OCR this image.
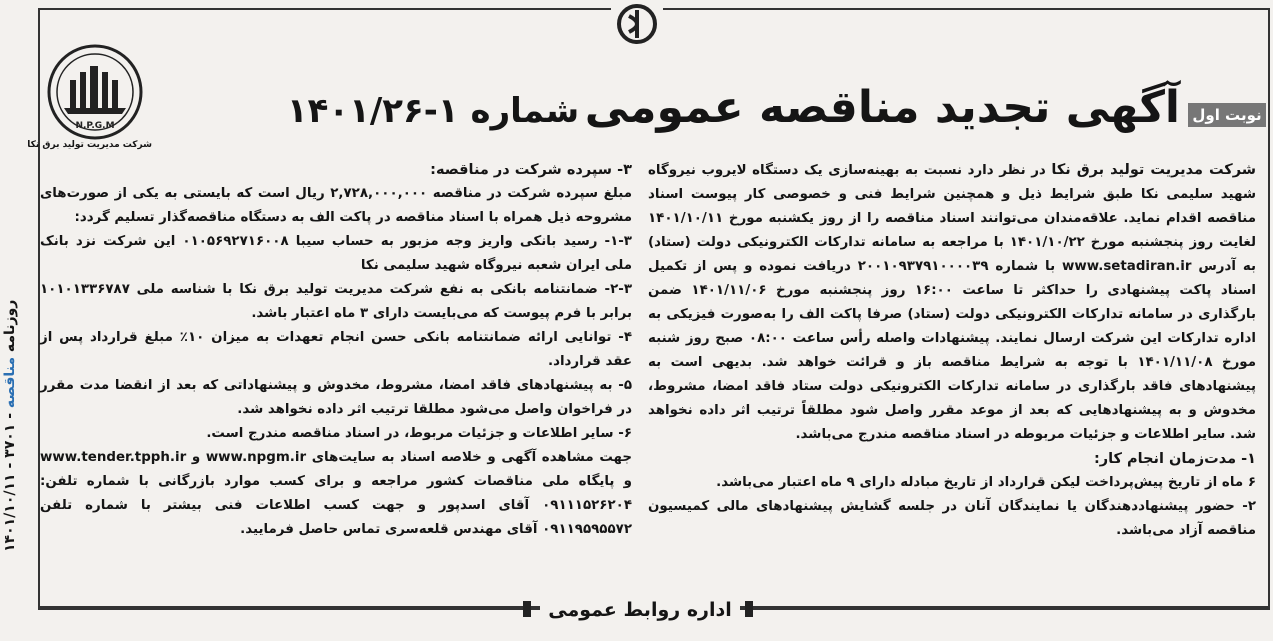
روزنامه مناقصه - ۳۷۰۱ - ۱۴۰۱/۱۰/۱۱
نوبت اول
آگهی تجدید مناقصه عمومی شماره ۱-۱۴۰۱/۲۶
N.P.G.M
شرکت مدیریت تولید برق نکا

شرکت مدیریت تولید برق نکا در نظر دارد نسبت به بهینه‌سازی یک دستگاه لایروب نیروگاه شهید سلیمی نکا طبق شرایط ذیل و همچنین شرایط فنی و خصوصی کار پیوست اسناد مناقصه اقدام نماید. علاقه‌مندان می‌توانند اسناد مناقصه را از روز یکشنبه مورخ ۱۴۰۱/۱۰/۱۱ لغایت روز پنجشنبه مورخ ۱۴۰۱/۱۰/۲۲ با مراجعه به سامانه تدارکات الکترونیکی دولت (ستاد) به آدرس www.setadiran.ir با شماره ۲۰۰۱۰۹۳۷۹۱۰۰۰۰۳۹ دریافت نموده و پس از تکمیل اسناد پاکت پیشنهادی را حداکثر تا ساعت ۱۶:۰۰ روز پنجشنبه مورخ ۱۴۰۱/۱۱/۰۶ ضمن بارگذاری در سامانه تدارکات الکترونیکی دولت (ستاد) صرفا پاکت الف را به‌صورت فیزیکی به اداره تدارکات این شرکت ارسال نمایند. پیشنهادات واصله رأس ساعت ۰۸:۰۰ صبح روز شنبه مورخ ۱۴۰۱/۱۱/۰۸ با توجه به شرایط مناقصه باز و قرائت خواهد شد. بدیهی است به پیشنهادهای فاقد بارگذاری در سامانه تدارکات الکترونیکی دولت ستاد فاقد امضا، مشروط، مخدوش و به پیشنهادهایی که بعد از موعد مقرر واصل شود مطلقاً ترتیب اثر داده نخواهد شد. سایر اطلاعات و جزئیات مربوطه در اسناد مناقصه مندرج می‌باشد.

۱- مدت‌زمان انجام کار:

۶ ماه از تاریخ پیش‌پرداخت لیکن قرارداد از تاریخ مبادله دارای ۹ ماه اعتبار می‌باشد.

۲- حضور پیشنهاددهندگان یا نمایندگان آنان در جلسه گشایش پیشنهادهای مالی کمیسیون مناقصه آزاد می‌باشد.

۳- سپرده شرکت در مناقصه:

مبلغ سپرده شرکت در مناقصه ۲,۷۲۸,۰۰۰,۰۰۰ ریال است که بایستی به یکی از صورت‌های مشروحه ذیل همراه با اسناد مناقصه در پاکت الف به دستگاه مناقصه‌گذار تسلیم گردد:

۱-۳- رسید بانکی واریز وجه مزبور به حساب سیبا ۰۱۰۵۶۹۲۷۱۶۰۰۸ این شرکت نزد بانک ملی ایران شعبه نیروگاه شهید سلیمی نکا

۲-۳- ضمانتنامه بانکی به نفع شرکت مدیریت تولید برق نکا با شناسه ملی ۱۰۱۰۱۳۳۶۷۸۷ برابر با فرم پیوست که می‌بایست دارای ۳ ماه اعتبار باشد.

۴- توانایی ارائه ضمانتنامه بانکی حسن انجام تعهدات به میزان ۱۰٪ مبلغ قرارداد پس از عقد قرارداد.

۵- به پیشنهادهای فاقد امضا، مشروط، مخدوش و پیشنهاداتی که بعد از انقضا مدت مقرر در فراخوان واصل می‌شود مطلقا ترتیب اثر داده نخواهد شد.

۶- سایر اطلاعات و جزئیات مربوط، در اسناد مناقصه مندرج است.

جهت مشاهده آگهی و خلاصه اسناد به سایت‌های www.npgm.ir و www.tender.tpph.ir و پایگاه ملی مناقصات کشور مراجعه و برای کسب موارد بازرگانی با شماره تلفن: ۰۹۱۱۱۵۲۶۲۰۴ آقای اسدپور و جهت کسب اطلاعات فنی بیشتر با شماره تلفن ۰۹۱۱۹۵۹۵۵۷۲ آقای مهندس قلعه‌سری تماس حاصل فرمایید.

اداره روابط عمومی
